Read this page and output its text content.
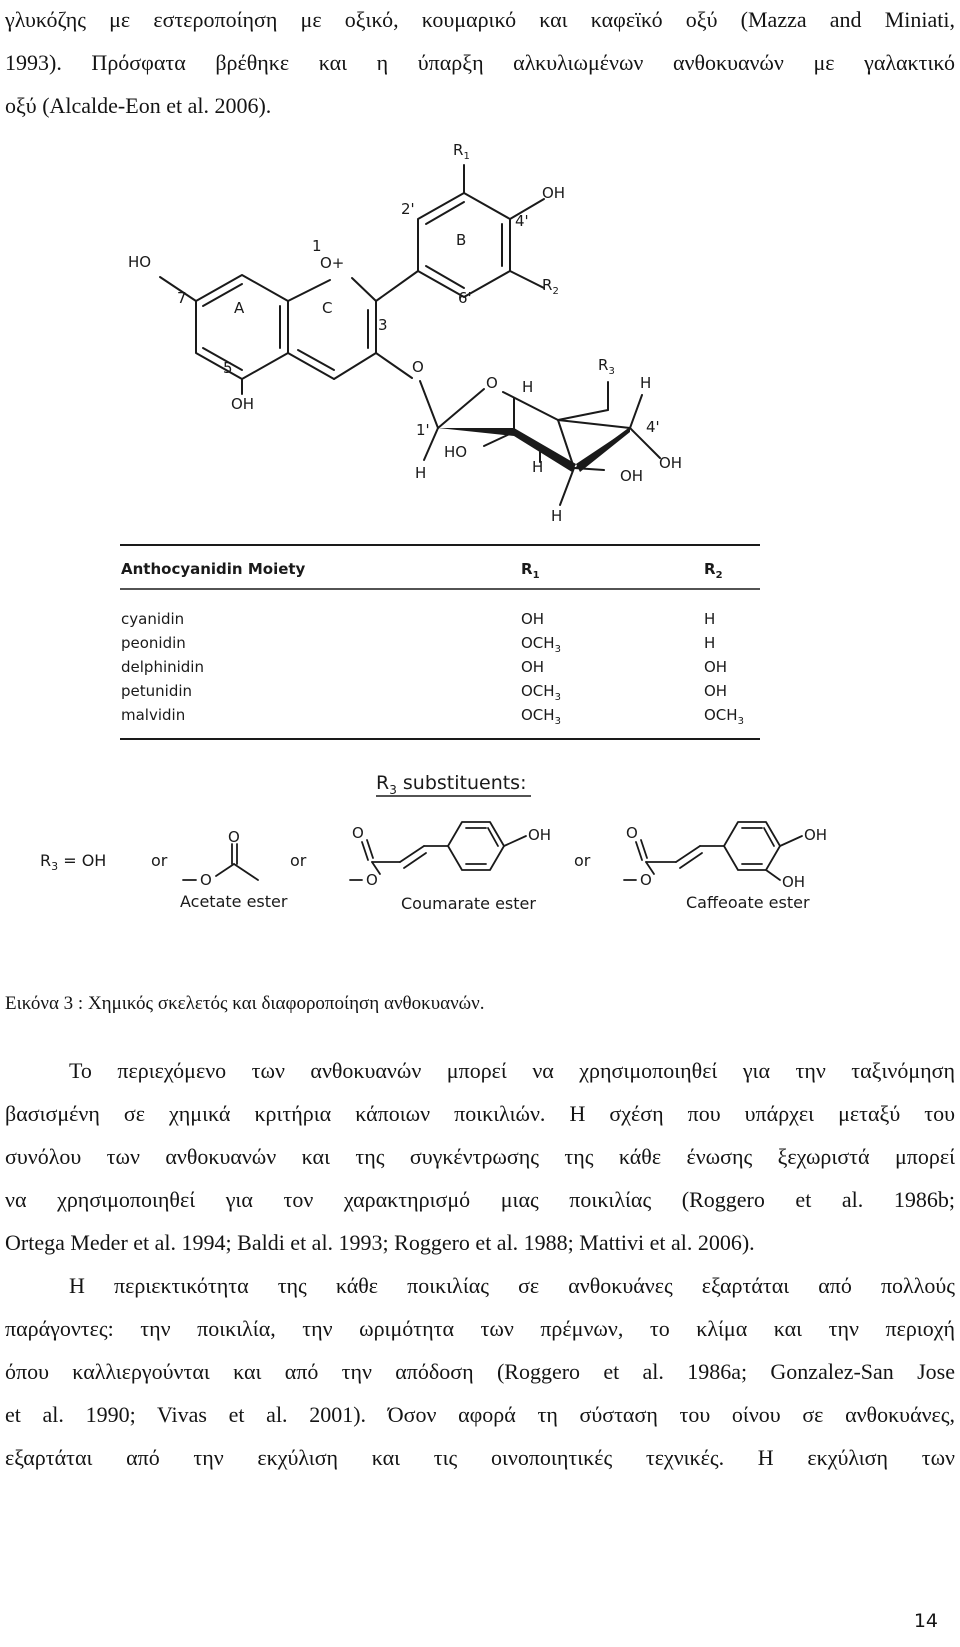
γλυκόζης με εστεροποίηση με οξικό, κουμαρικό και καφεϊκό οξύ (Mazza and Miniati,
1993). Πρόσφατα βρέθηκε και η ύπαρξη αλκυλιωμένων ανθοκυανών με γαλακτικό
οξύ (Alcalde-Eon et al. 2006).
$R_1$
OH
2'
B
4'
$R_2$
6'
1
O+
HO
7
A	C
3
5
OH
O
O H
$R_3$
H
1'	4'
HO
H	OH
OH
H
H
Anthocyanidin Moiety	$R_1$	$R_2$
cyanidin	OH	H
peonidin	$OCH_3$	H
delphinidin	OH	OH
petunidin	$OCH_3$	OH
malvidin	$OCH_3$	$OCH_3$
$R_3$ substituents:
$R_3$ = OH	or	or	or
O
O
Acetate ester
O
O
OH
Coumarate ester
O
O
OH
OH
Caffeoate ester

Εικόνα 3 : Χημικός σκελετός και διαφοροποίηση ανθοκυανών.

Το περιεχόμενο των ανθοκυανών μπορεί να χρησιμοποιηθεί για την ταξινόμηση
βασισμένη σε χημικά κριτήρια κάποιων ποικιλιών. Η σχέση που υπάρχει μεταξύ του
συνόλου των ανθοκυανών και της συγκέντρωσης της κάθε ένωσης ξεχωριστά μπορεί
να χρησιμοποιηθεί για τον χαρακτηρισμό μιας ποικιλίας (Roggero et al. 1986b;
Ortega Meder et al. 1994; Baldi et al. 1993; Roggero et al. 1988; Mattivi et al. 2006).
Η περιεκτικότητα της κάθε ποικιλίας σε ανθοκυάνες εξαρτάται από πολλούς
παράγοντες: την ποικιλία, την ωριμότητα των πρέμνων, το κλίμα και την περιοχή
όπου καλλιεργούνται και από την απόδοση (Roggero et al. 1986a; Gonzalez-San Jose
et al. 1990; Vivas et al. 2001). Όσον αφορά τη σύσταση του οίνου σε ανθοκυάνες,
εξαρτάται από την εκχύλιση και τις οινοποιητικές τεχνικές. Η εκχύλιση των
14
